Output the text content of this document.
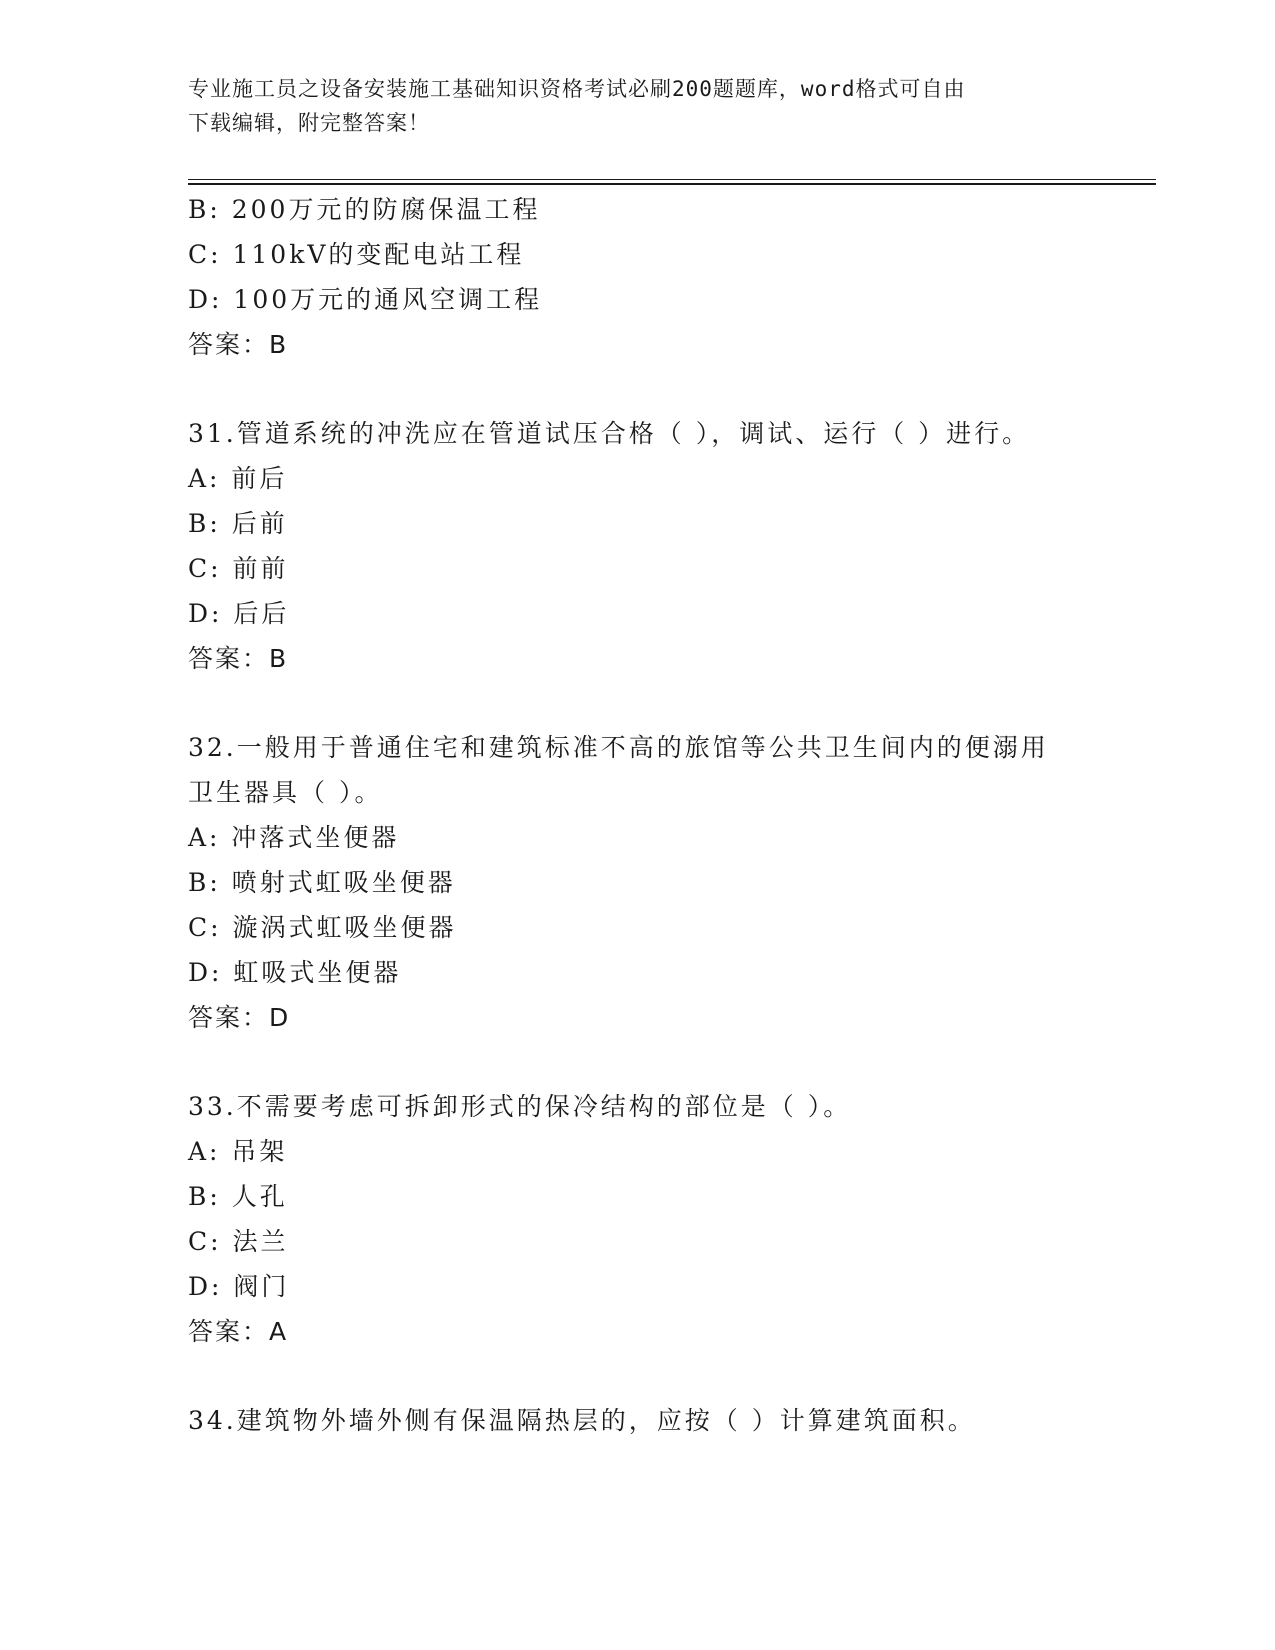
专业施工员之设备安装施工基础知识资格考试必刷200题题库，word格式可自由
下载编辑，附完整答案！
B: 200万元的防腐保温工程
C: 110kV的变配电站工程
D: 100万元的通风空调工程
答案：B
31.管道系统的冲洗应在管道试压合格（ ），调试、运行（ ）进行。
A: 前后
B: 后前
C: 前前
D: 后后
答案：B
32.一般用于普通住宅和建筑标准不高的旅馆等公共卫生间内的便溺用
卫生器具（ ）。
A: 冲落式坐便器
B: 喷射式虹吸坐便器
C: 漩涡式虹吸坐便器
D: 虹吸式坐便器
答案：D
33.不需要考虑可拆卸形式的保冷结构的部位是（ ）。
A: 吊架
B: 人孔
C: 法兰
D: 阀门
答案：A
34.建筑物外墙外侧有保温隔热层的，应按（ ）计算建筑面积。
